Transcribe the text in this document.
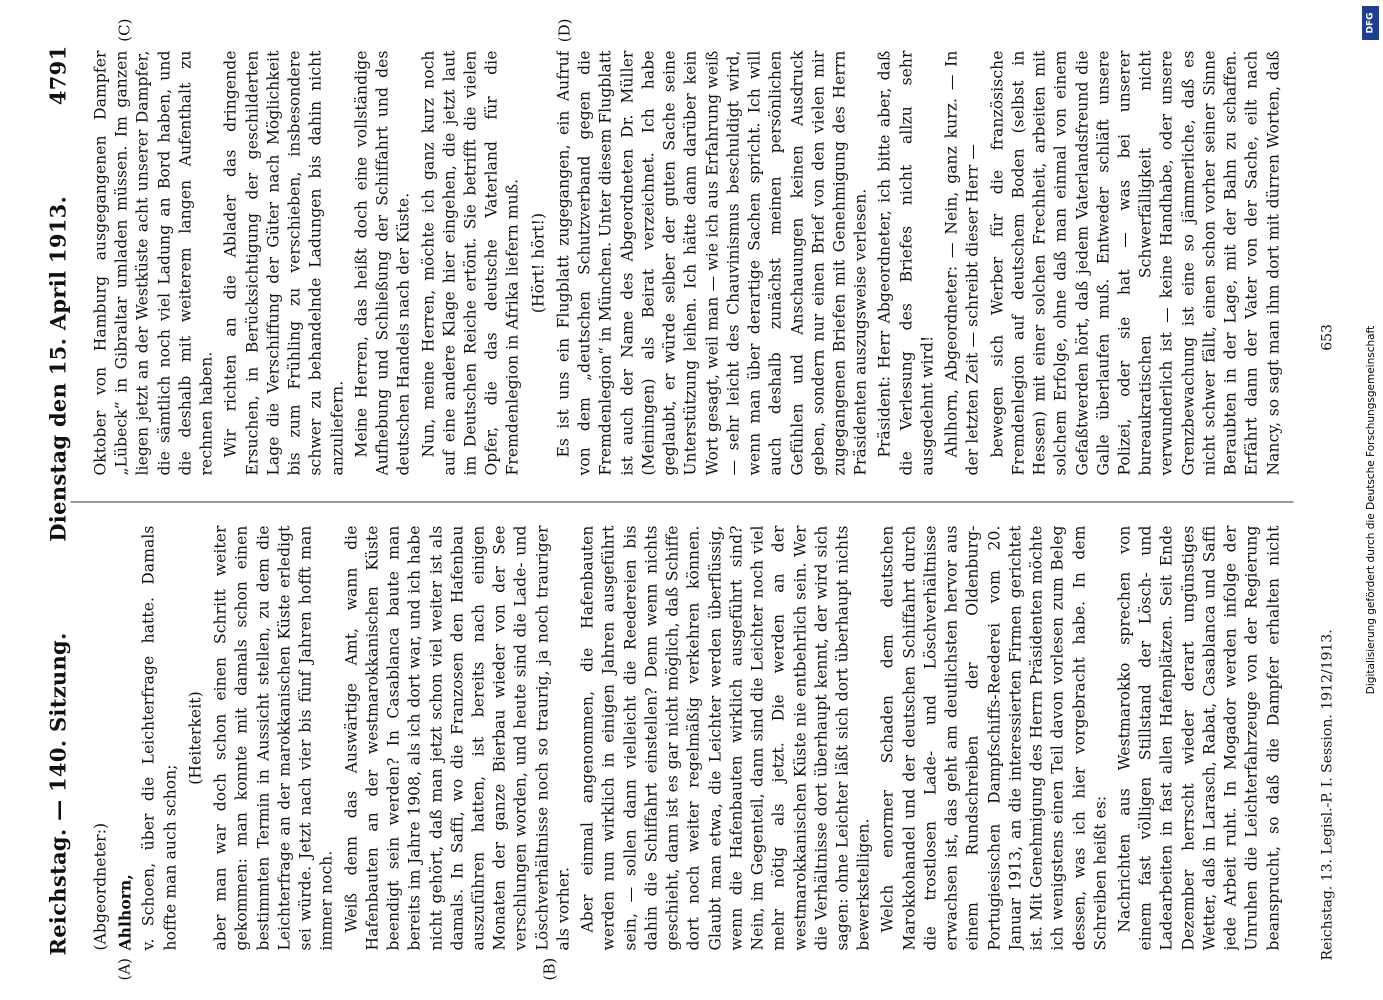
Reichstag. — 140. Sitzung.
Dienstag den 15. April 1913.
4791
(A)	(B)
(C)	(D)

(Abgeordneter:) Ahlhorn, v. Schoen, über die Leichterfrage hatte. Damals hoffte man auch schon;

(Heiterkeit) aber man war doch schon einen Schritt weiter gekommen: man konnte mit damals schon einen bestimmten Termin in Aussicht stellen, zu dem die Leichterfrage an der marokkanischen Küste erledigt sei würde. Jetzt nach vier bis fünf Jahren hofft man immer noch. Weiß denn das Auswärtige Amt, wann die Hafenbauten an der westmarokkanischen Küste beendigt sein werden? In Casablanca baute man bereits im Jahre 1908, als ich dort war, und ich habe nicht gehört, daß man jetzt schon viel weiter ist als damals. In Saffi, wo die Franzosen den Hafenbau auszuführen hatten, ist bereits nach einigen Monaten der ganze Bierbau wieder von der See verschlungen worden, und heute sind die Lade- und Löschverhältnisse noch so traurig, ja noch trauriger als vorher. Aber einmal angenommen, die Hafenbauten werden nun wirklich in einigen Jahren ausgeführt sein, — sollen dann vielleicht die Reedereien bis dahin die Schiffahrt einstellen? Denn wenn nichts geschieht, dann ist es gar nicht möglich, daß Schiffe dort noch weiter regelmäßig verkehren können. Glaubt man etwa, die Leichter werden überflüssig, wenn die Hafenbauten wirklich ausgeführt sind? Nein, im Gegenteil, dann sind die Leichter noch viel mehr nötig als jetzt. Die werden an der westmarokkanischen Küste nie entbehrlich sein. Wer die Verhältnisse dort überhaupt kennt, der wird sich sagen: ohne Leichter läßt sich dort überhaupt nichts bewerkstelligen. Welch enormer Schaden dem deutschen Marokkohandel und der deutschen Schiffahrt durch die trostlosen Lade- und Löschverhältnisse erwachsen ist, das geht am deutlichsten hervor aus einem Rundschreiben der Oldenburg-Portugiesischen Dampfschiffs-Reederei vom 20. Januar 1913, an die interessierten Firmen gerichtet ist. Mit Genehmigung des Herrn Präsidenten möchte ich wenigstens einen Teil davon vorlesen zum Beleg dessen, was ich hier vorgebracht habe. In dem Schreiben heißt es: Nachrichten aus Westmarokko sprechen von einem fast völligen Stillstand der Lösch- und Ladearbeiten in fast allen Hafenplätzen. Seit Ende Dezember herrscht wieder derart ungünstiges Wetter, daß in Larasch, Rabat, Casablanca und Saffi jede Arbeit ruht. In Mogador werden infolge der Unruhen die Leichterfahrzeuge von der Regierung beansprucht, so daß die Dampfer erhalten nicht

Oktober von Hamburg ausgegangenen Dampfer „Lübeck“ in Gibraltar umladen müssen. Im ganzen liegen jetzt an der Westküste acht unserer Dampfer, die sämtlich noch viel Ladung an Bord haben, und die deshalb mit weiterem langen Aufenthalt zu rechnen haben. Wir richten an die Ablader das dringende Ersuchen, in Berücksichtigung der geschilderten Lage die Verschiffung der Güter nach Möglichkeit bis zum Frühling zu verschieben, insbesondere schwer zu behandelnde Ladungen bis dahin nicht anzuliefern. Meine Herren, das heißt doch eine vollständige Aufhebung und Schließung der Schiffahrt und des deutschen Handels nach der Küste. Nun, meine Herren, möchte ich ganz kurz noch auf eine andere Klage hier eingehen, die jetzt laut im Deutschen Reiche ertönt. Sie betrifft die vielen Opfer, die das deutsche Vaterland für die Fremdenlegion in Afrika liefern muß. (Hört! hört!) Es ist uns ein Flugblatt zugegangen, ein Aufruf von dem „deutschen Schutzverband gegen die Fremdenlegion“ in München. Unter diesem Flugblatt ist auch der Name des Abgeordneten Dr. Müller (Meiningen) als Beirat verzeichnet. Ich habe geglaubt, er würde selber der guten Sache seine Unterstützung leihen. Ich hätte dann darüber kein Wort gesagt, weil man — wie ich aus Erfahrung weiß — sehr leicht des Chauvinismus beschuldigt wird, wenn man über derartige Sachen spricht. Ich will auch deshalb zunächst meinen persönlichen Gefühlen und Anschauungen keinen Ausdruck geben, sondern nur einen Brief von den vielen mir zugegangenen Briefen mit Genehmigung des Herrn Präsidenten auszugsweise verlesen. Präsident: Herr Abgeordneter, ich bitte aber, daß die Verlesung des Briefes nicht allzu sehr ausgedehnt wird! Ahlhorn, Abgeordneter: — Nein, ganz kurz. — In der letzten Zeit — schreibt dieser Herr — bewegen sich Werber für die französische Fremdenlegion auf deutschem Boden (selbst in Hessen) mit einer solchen Frechheit, arbeiten mit solchem Erfolge, ohne daß man einmal von einem Gefaßtwerden hört, daß jedem Vaterlandsfreund die Galle überlaufen muß. Entweder schläft unsere Polizei, oder sie hat — was bei unserer bureaukratischen Schwerfälligkeit nicht verwunderlich ist — keine Handhabe, oder unsere Grenzbewachung ist eine so jämmerliche, daß es nicht schwer fällt, einen schon vorher seiner Sinne Beraubten in der Lage, mit der Bahn zu schaffen. Erfährt dann der Vater von der Sache, eilt nach Nancy, so sagt man ihm dort mit dürren Worten, daß

Reichstag. 13. Legisl.-P. I. Session. 1912/1913.
653
DFG
Digitalisierung gefördert durch die Deutsche Forschungsgemeinschaft
